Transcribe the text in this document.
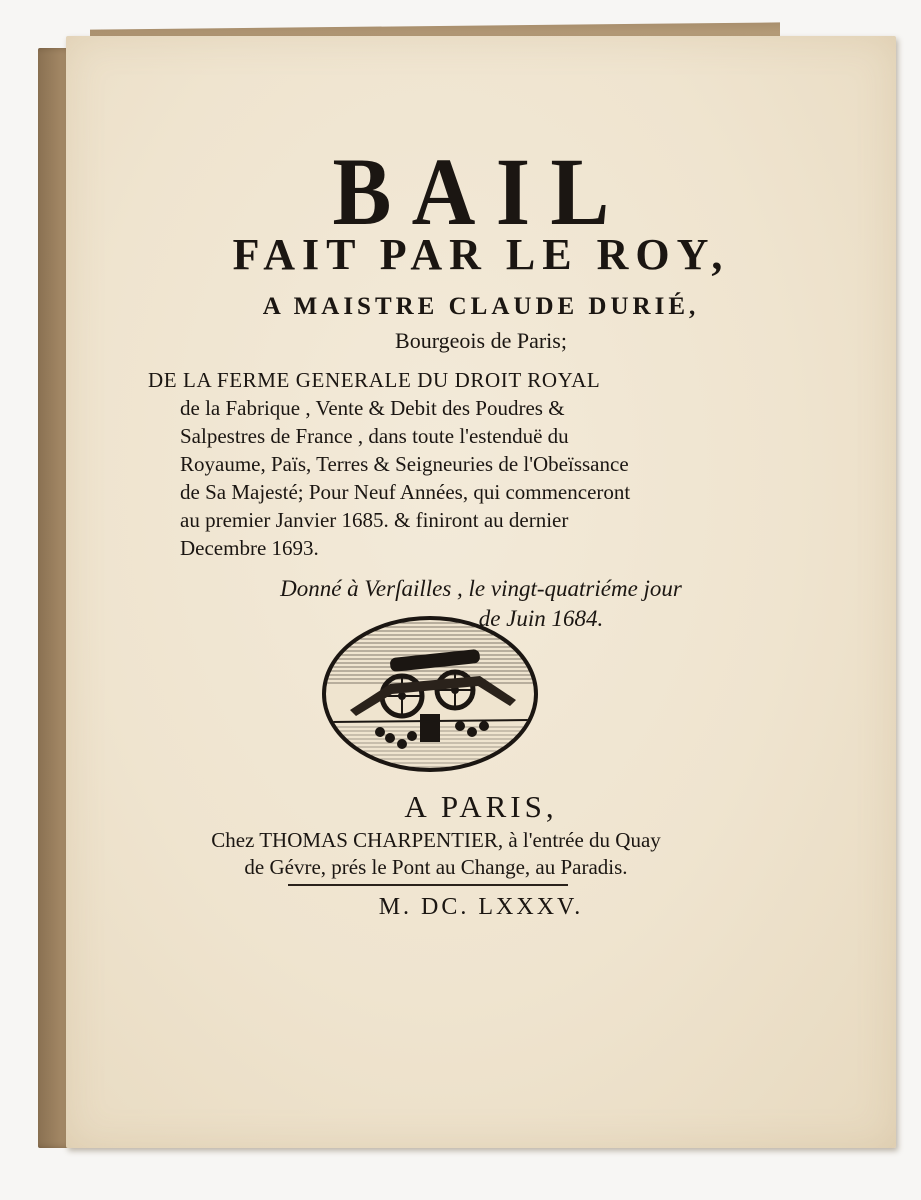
BAIL
FAIT PAR LE ROY,
A MAISTRE CLAUDE DURIÉ,
Bourgeois de Paris;
DE LA FERME GENERALE DU DROIT ROYAL
de la Fabrique , Vente & Debit des Poudres &
Salpestres de France , dans toute l'estenduë du
Royaume, Païs, Terres & Seigneuries de l'Obeïssance
de Sa Majesté; Pour Neuf Années, qui commenceront
au premier Janvier 1685. & finiront au dernier
Decembre 1693.
Donné à Verſailles , le vingt-quatriéme jour
de Juin 1684.
A PARIS,
Chez THOMAS CHARPENTIER, à l'entrée du Quay
de Gévre, prés le Pont au Change, au Paradis.
M. DC. LXXXV.
